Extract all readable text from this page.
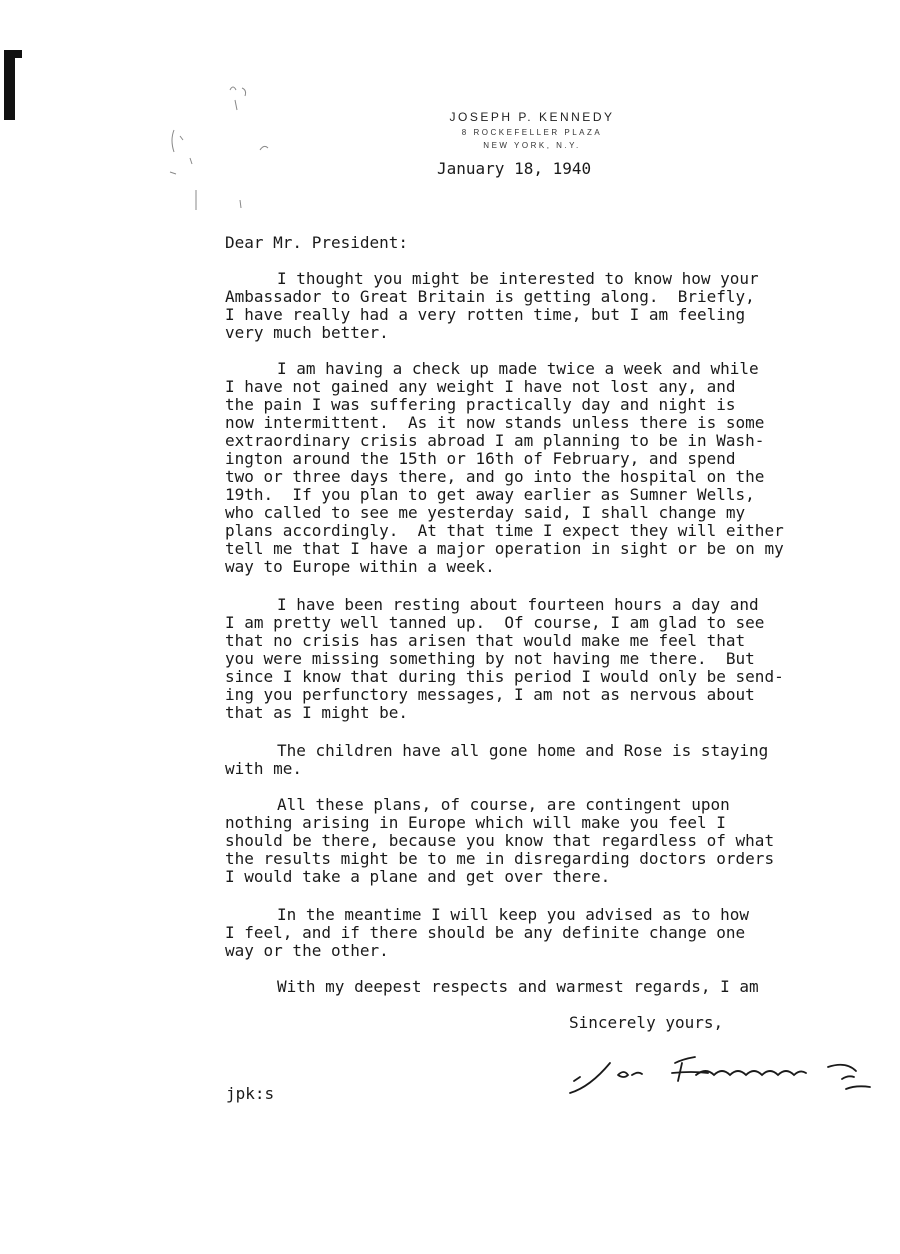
JOSEPH P. KENNEDY
8 ROCKEFELLER PLAZA
NEW YORK, N.Y.
January 18, 1940
Dear Mr. President:
I thought you might be interested to know how your
Ambassador to Great Britain is getting along.  Briefly,
I have really had a very rotten time, but I am feeling
very much better.
I am having a check up made twice a week and while
I have not gained any weight I have not lost any, and
the pain I was suffering practically day and night is
now intermittent.  As it now stands unless there is some
extraordinary crisis abroad I am planning to be in Wash-
ington around the 15th or 16th of February, and spend
two or three days there, and go into the hospital on the
19th.  If you plan to get away earlier as Sumner Wells,
who called to see me yesterday said, I shall change my
plans accordingly.  At that time I expect they will either
tell me that I have a major operation in sight or be on my
way to Europe within a week.
I have been resting about fourteen hours a day and
I am pretty well tanned up.  Of course, I am glad to see
that no crisis has arisen that would make me feel that
you were missing something by not having me there.  But
since I know that during this period I would only be send-
ing you perfunctory messages, I am not as nervous about
that as I might be.
The children have all gone home and Rose is staying
with me.
All these plans, of course, are contingent upon
nothing arising in Europe which will make you feel I
should be there, because you know that regardless of what
the results might be to me in disregarding doctors orders
I would take a plane and get over there.
In the meantime I will keep you advised as to how
I feel, and if there should be any definite change one
way or the other.
With my deepest respects and warmest regards, I am
Sincerely yours,
jpk:s
